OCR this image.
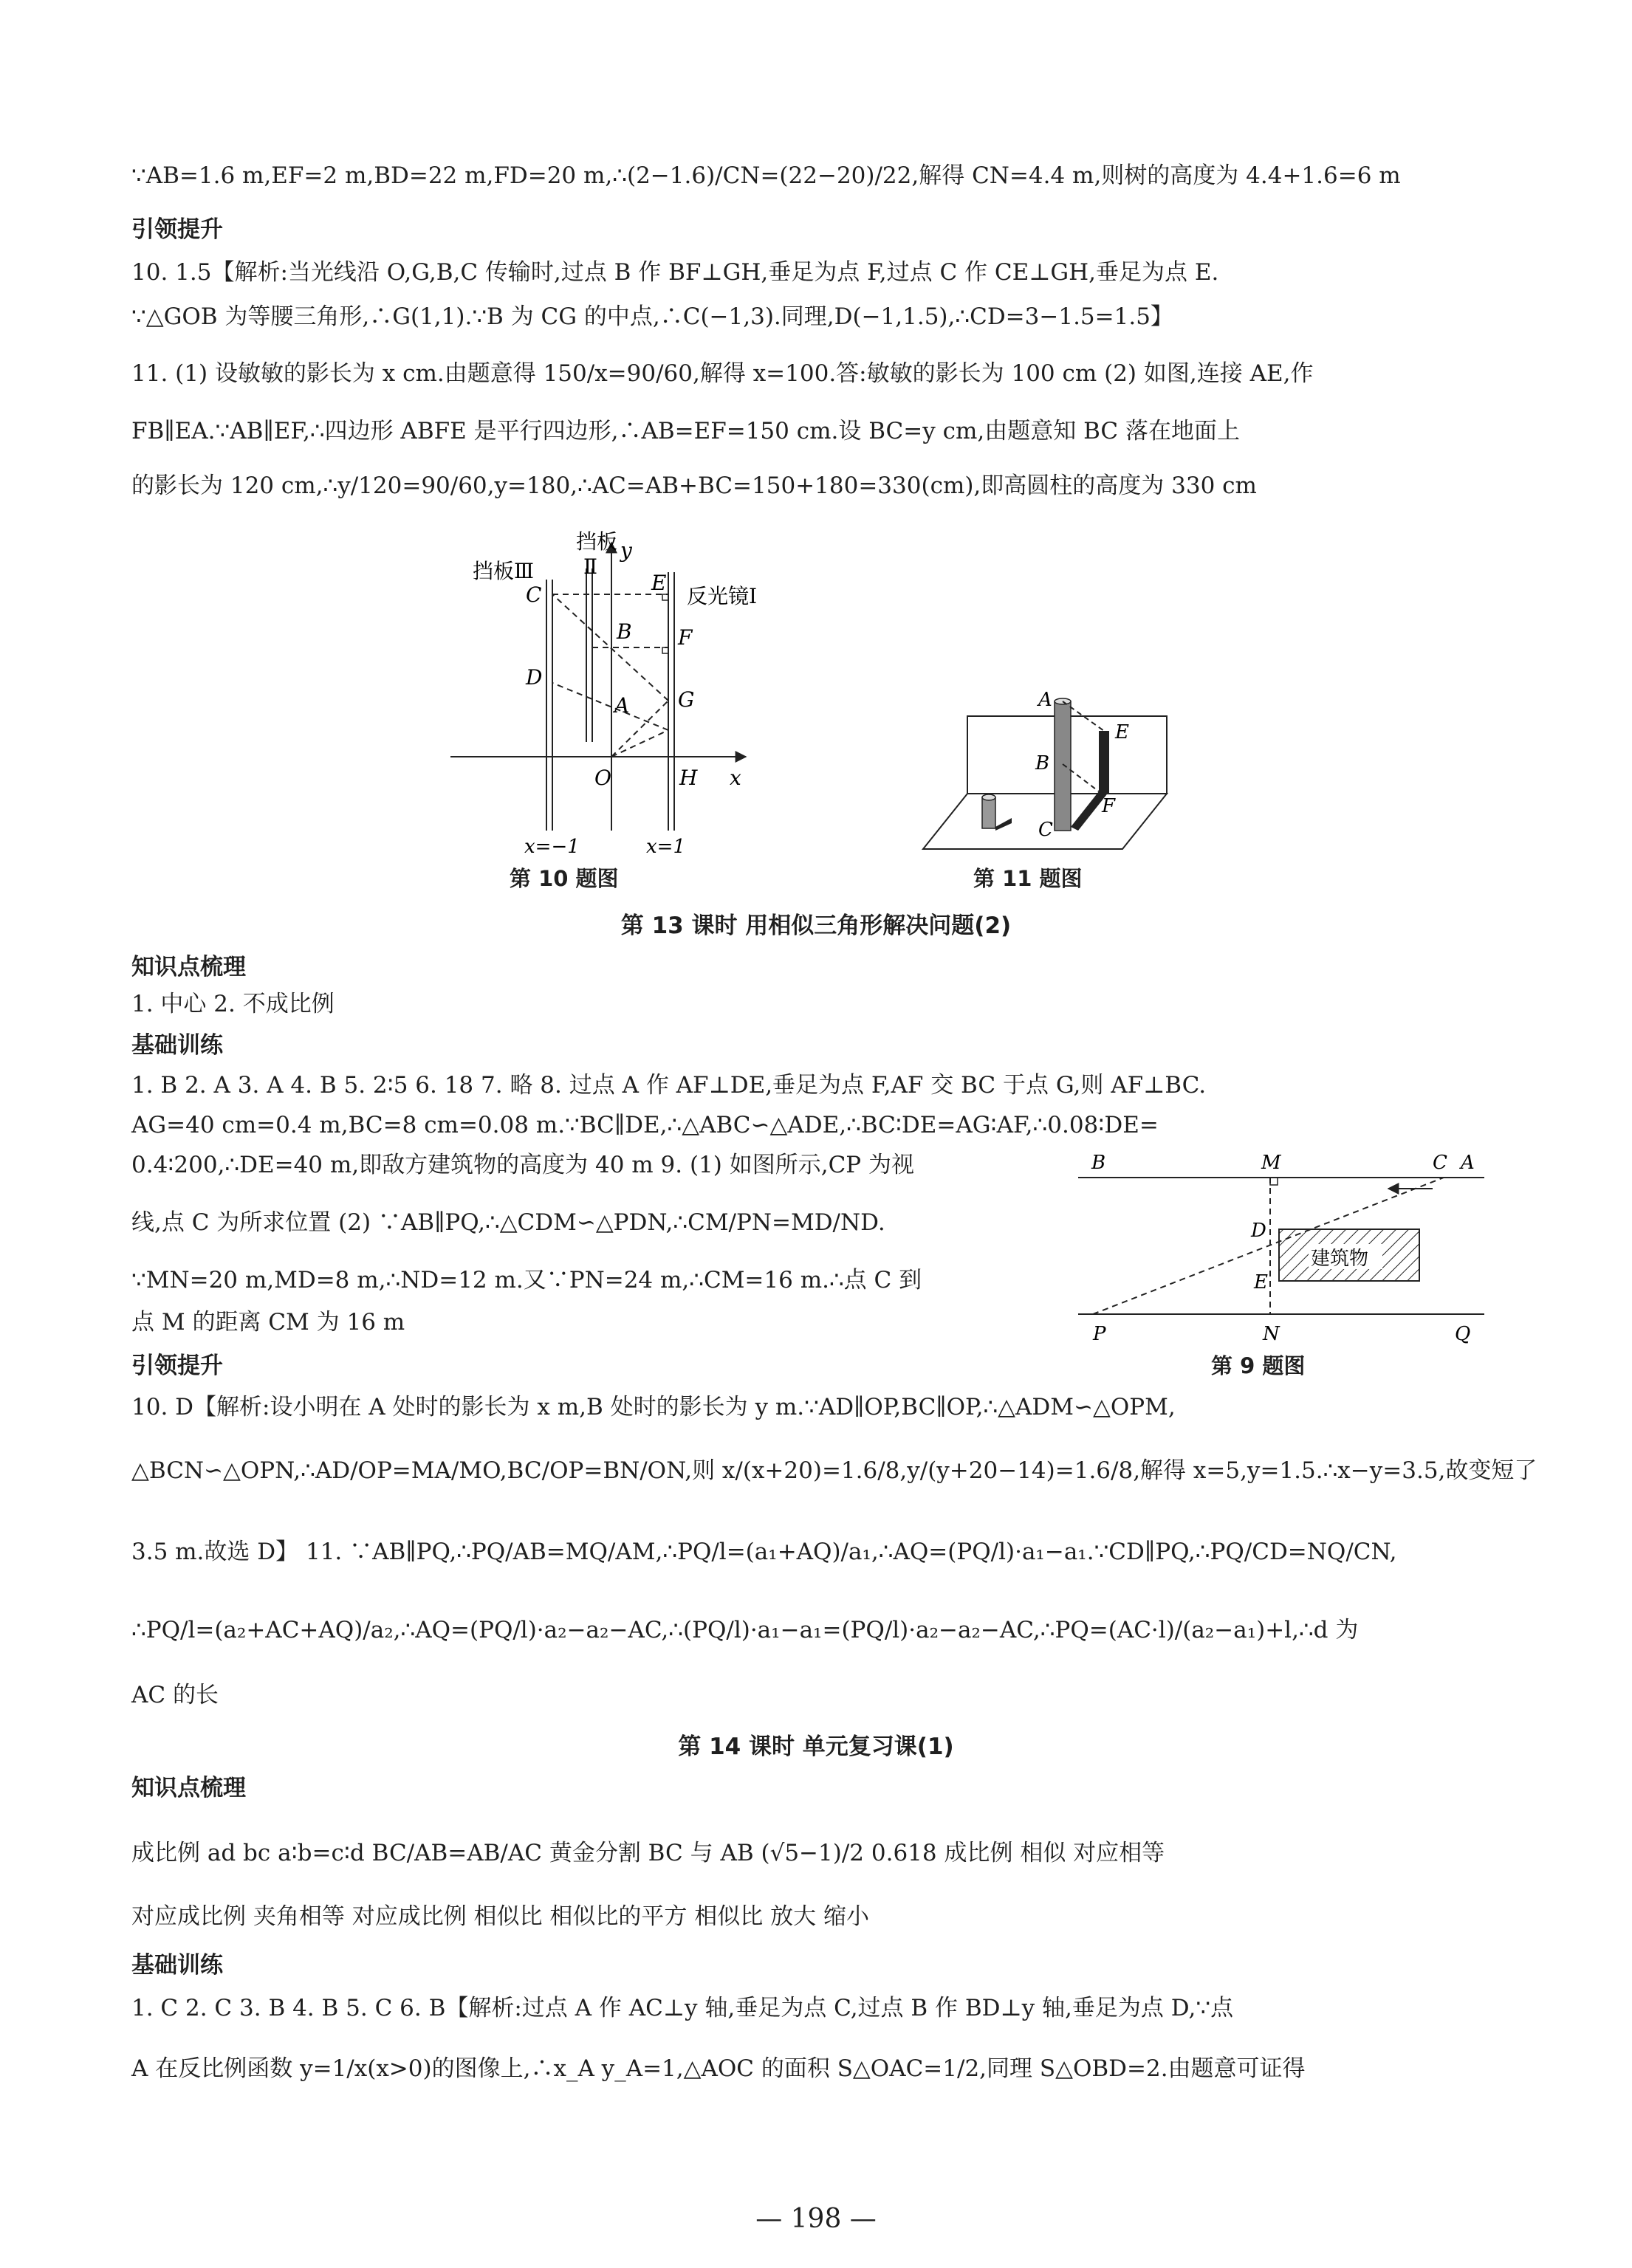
∵AB=1.6 m,EF=2 m,BD=22 m,FD=20 m,∴(2−1.6)/CN=(22−20)/22,解得 CN=4.4 m,则树的高度为 4.4+1.6=6 m

引领提升

10. 1.5【解析:当光线沿 O,G,B,C 传输时,过点 B 作 BF⊥GH,垂足为点 F,过点 C 作 CE⊥GH,垂足为点 E.

∵△GOB 为等腰三角形,∴G(1,1).∵B 为 CG 的中点,∴C(−1,3).同理,D(−1,1.5),∴CD=3−1.5=1.5】

11. (1) 设敏敏的影长为 x cm.由题意得 150/x=90/60,解得 x=100.答:敏敏的影长为 100 cm (2) 如图,连接 AE,作

FB∥EA.∵AB∥EF,∴四边形 ABFE 是平行四边形,∴AB=EF=150 cm.设 BC=y cm,由题意知 BC 落在地面上

的影长为 120 cm,∴y/120=90/60,y=180,∴AC=AB+BC=150+180=330(cm),即高圆柱的高度为 330 cm

挡板Ⅲ
挡板
Ⅱ
反光镜Ⅰ
y
x
O
C
D
B
A
E
F
G
H
x=−1	x=1
第 10 题图
A
B
C
E
F
第 11 题图
第 13 课时 用相似三角形解决问题(2)

知识点梳理

1. 中心 2. 不成比例

基础训练

1. B 2. A 3. A 4. B 5. 2∶5 6. 18 7. 略 8. 过点 A 作 AF⊥DE,垂足为点 F,AF 交 BC 于点 G,则 AF⊥BC.

AG=40 cm=0.4 m,BC=8 cm=0.08 m.∵BC∥DE,∴△ABC∽△ADE,∴BC∶DE=AG∶AF,∴0.08∶DE=

0.4∶200,∴DE=40 m,即敌方建筑物的高度为 40 m 9. (1) 如图所示,CP 为视

线,点 C 为所求位置 (2) ∵AB∥PQ,∴△CDM∽△PDN,∴CM/PN=MD/ND.

∵MN=20 m,MD=8 m,∴ND=12 m.又∵PN=24 m,∴CM=16 m.∴点 C 到

点 M 的距离 CM 为 16 m

建筑物
B	M	C A
D
E
P	N	Q
第 9 题图

引领提升

10. D【解析:设小明在 A 处时的影长为 x m,B 处时的影长为 y m.∵AD∥OP,BC∥OP,∴△ADM∽△OPM,

△BCN∽△OPN,∴AD/OP=MA/MO,BC/OP=BN/ON,则 x/(x+20)=1.6/8,y/(y+20−14)=1.6/8,解得 x=5,y=1.5.∴x−y=3.5,故变短了

3.5 m.故选 D】 11. ∵AB∥PQ,∴PQ/AB=MQ/AM,∴PQ/l=(a₁+AQ)/a₁,∴AQ=(PQ/l)·a₁−a₁.∵CD∥PQ,∴PQ/CD=NQ/CN,

∴PQ/l=(a₂+AC+AQ)/a₂,∴AQ=(PQ/l)·a₂−a₂−AC,∴(PQ/l)·a₁−a₁=(PQ/l)·a₂−a₂−AC,∴PQ=(AC·l)/(a₂−a₁)+l,∴d 为

AC 的长

第 14 课时 单元复习课(1)

知识点梳理

成比例 ad bc a∶b=c∶d BC/AB=AB/AC 黄金分割 BC 与 AB (√5−1)/2 0.618 成比例 相似 对应相等

对应成比例 夹角相等 对应成比例 相似比 相似比的平方 相似比 放大 缩小

基础训练

1. C 2. C 3. B 4. B 5. C 6. B【解析:过点 A 作 AC⊥y 轴,垂足为点 C,过点 B 作 BD⊥y 轴,垂足为点 D,∵点

A 在反比例函数 y=1/x(x>0)的图像上,∴x_A y_A=1,△AOC 的面积 S△OAC=1/2,同理 S△OBD=2.由题意可证得

— 198 —
